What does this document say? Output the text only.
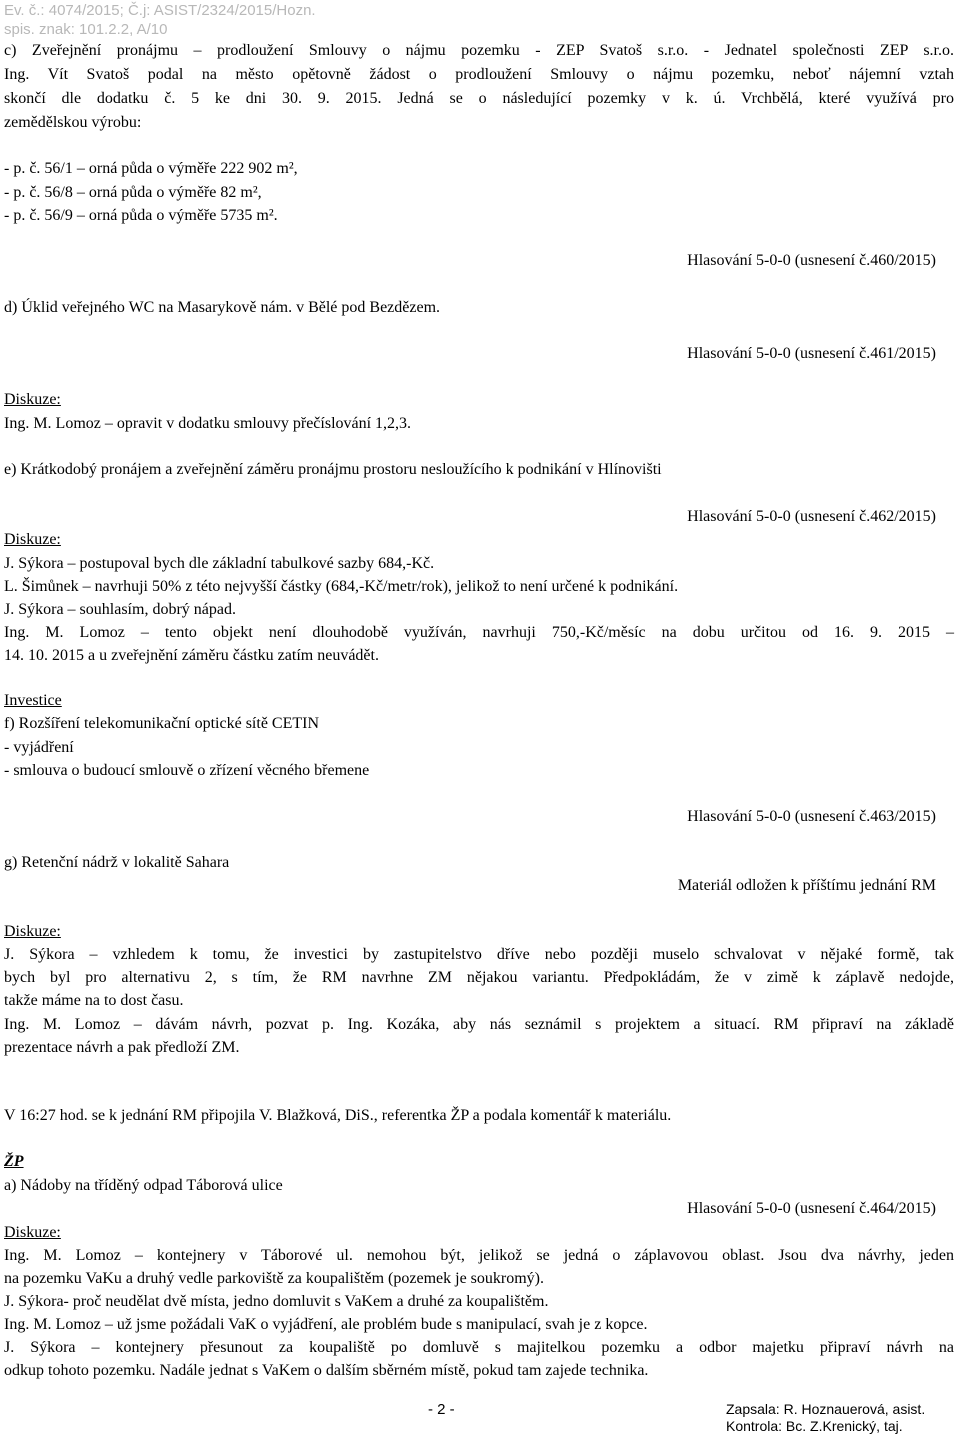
Ev. č.: 4074/2015; Č.j: ASIST/2324/2015/Hozn.
spis. znak: 101.2.2, A/10
c) Zveřejnění pronájmu – prodloužení Smlouvy o nájmu pozemku - ZEP Svatoš s.r.o. - Jednatel společnosti ZEP s.r.o.
Ing. Vít Svatoš podal na město opětovně žádost o prodloužení Smlouvy o nájmu pozemku, neboť nájemní vztah
skončí dle dodatku č. 5 ke dni 30. 9. 2015. Jedná se o následující pozemky v k. ú. Vrchbělá, které využívá pro
zemědělskou výrobu:
- p. č. 56/1 – orná půda o výměře 222 902 m²,
- p. č. 56/8 – orná půda o výměře 82 m²,
- p. č. 56/9 – orná půda o výměře 5735 m².
Hlasování 5-0-0 (usnesení č.460/2015)
d) Úklid veřejného WC na Masarykově nám. v Bělé pod Bezdězem.
Hlasování 5-0-0 (usnesení č.461/2015)
Diskuze:
Ing. M. Lomoz – opravit v dodatku smlouvy přečíslování 1,2,3.
e) Krátkodobý pronájem a zveřejnění záměru pronájmu prostoru nesloužícího k podnikání v Hlínovišti
Hlasování 5-0-0 (usnesení č.462/2015)
Diskuze:
J. Sýkora – postupoval bych dle základní tabulkové sazby 684,-Kč.
L. Šimůnek – navrhuji 50% z této nejvyšší částky (684,-Kč/metr/rok), jelikož to není určené k podnikání.
J. Sýkora – souhlasím, dobrý nápad.
Ing. M. Lomoz – tento objekt není dlouhodobě využíván, navrhuji 750,-Kč/měsíc na dobu určitou od 16. 9. 2015 –
14. 10. 2015 a u zveřejnění záměru částku zatím neuvádět.
Investice
f) Rozšíření telekomunikační optické sítě CETIN
- vyjádření
- smlouva o budoucí smlouvě o zřízení věcného břemene
Hlasování 5-0-0 (usnesení č.463/2015)
g) Retenční nádrž v lokalitě Sahara
Materiál odložen k příštímu jednání RM
Diskuze:
J. Sýkora – vzhledem k tomu, že investici by zastupitelstvo dříve nebo později muselo schvalovat v nějaké formě, tak
bych byl pro alternativu 2, s tím, že RM navrhne ZM nějakou variantu. Předpokládám, že v zimě k záplavě nedojde,
takže máme na to dost času.
Ing. M. Lomoz – dávám návrh, pozvat p. Ing. Kozáka, aby nás seznámil s projektem a situací. RM připraví na základě
prezentace návrh a pak předloží ZM.
V 16:27 hod. se k jednání RM připojila V. Blažková, DiS., referentka ŽP a podala komentář k materiálu.
ŽP
a) Nádoby na tříděný odpad Táborová ulice
Hlasování 5-0-0 (usnesení č.464/2015)
Diskuze:
Ing. M. Lomoz – kontejnery v Táborové ul. nemohou být, jelikož se jedná o záplavovou oblast. Jsou dva návrhy, jeden
na pozemku VaKu a druhý vedle parkoviště za koupalištěm (pozemek je soukromý).
J. Sýkora- proč neudělat dvě místa, jedno domluvit s VaKem a druhé za koupalištěm.
Ing. M. Lomoz – už jsme požádali VaK o vyjádření, ale problém bude s manipulací, svah je z kopce.
J. Sýkora – kontejnery přesunout za koupaliště po domluvě s majitelkou pozemku a odbor majetku připraví návrh na
odkup tohoto pozemku. Nadále jednat s VaKem o dalším sběrném místě, pokud tam zajede technika.
- 2 -	Zapsala: R. Hoznauerová, asist.
Kontrola: Bc. Z.Krenický, taj.
